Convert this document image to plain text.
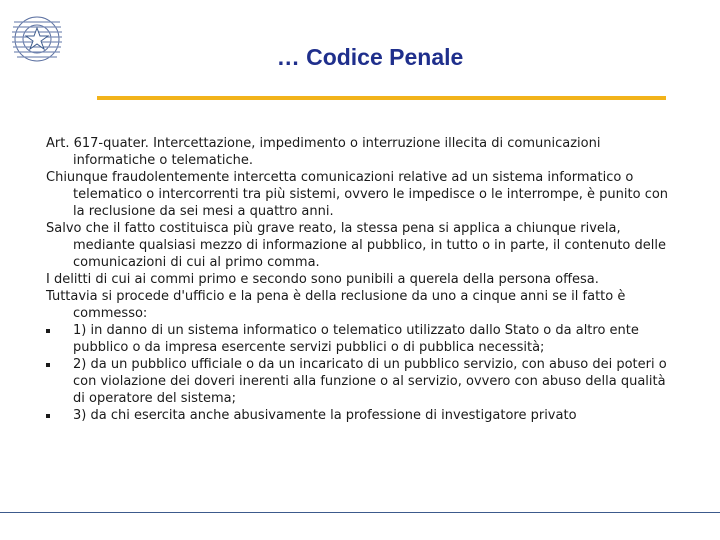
… Codice Penale

Art. 617-quater. Intercettazione, impedimento o interruzione illecita di comunicazioni informatiche o telematiche.

Chiunque fraudolentemente intercetta comunicazioni relative ad un sistema informatico o telematico o intercorrenti tra più sistemi, ovvero le impedisce o le interrompe, è punito con la reclusione da sei mesi a quattro anni.

Salvo che il fatto costituisca più grave reato, la stessa pena si applica a chiunque rivela, mediante qualsiasi mezzo di informazione al pubblico, in tutto o in parte, il contenuto delle comunicazioni di cui al primo comma.

I delitti di cui ai commi primo e secondo sono punibili a querela della persona offesa.

Tuttavia si procede d'ufficio e la pena è della reclusione da uno a cinque anni se il fatto è commesso:

1) in danno di un sistema informatico o telematico utilizzato dallo Stato o da altro ente pubblico o da impresa esercente servizi pubblici o di pubblica necessità;

2) da un pubblico ufficiale o da un incaricato di un pubblico servizio, con abuso dei poteri o con violazione dei doveri inerenti alla funzione o al servizio, ovvero con abuso della qualità di operatore del sistema;

3) da chi esercita anche abusivamente la professione di investigatore privato
